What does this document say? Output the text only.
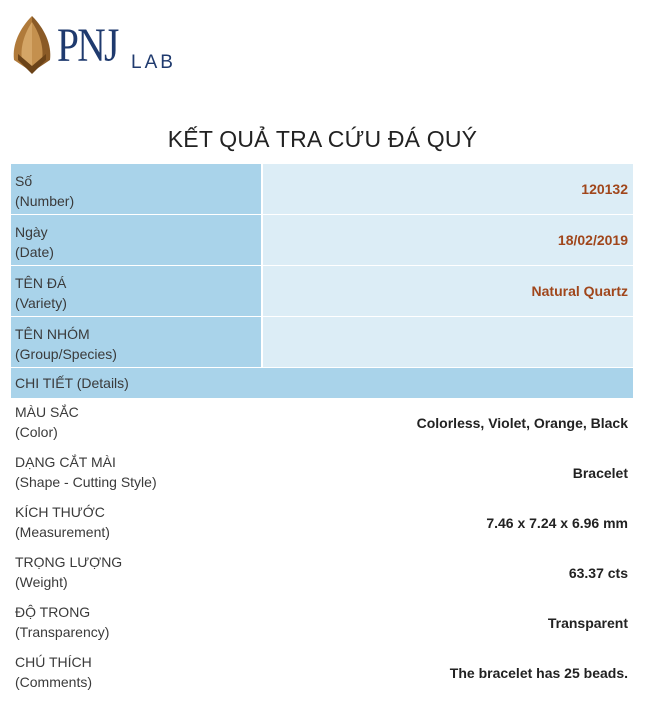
PNJ LAB
KẾT QUẢ TRA CỨU ĐÁ QUÝ
Số
(Number)
120132
Ngày
(Date)
18/02/2019
TÊN ĐÁ
(Variety)
Natural Quartz
TÊN NHÓM
(Group/Species)
CHI TIẾT (Details)
MÀU SẮC
(Color)
Colorless, Violet, Orange, Black
DẠNG CẮT MÀI
(Shape - Cutting Style)
Bracelet
KÍCH THƯỚC
(Measurement)
7.46 x 7.24 x 6.96 mm
TRỌNG LƯỢNG
(Weight)
63.37 cts
ĐỘ TRONG
(Transparency)
Transparent
CHÚ THÍCH
(Comments)
The bracelet has 25 beads.
